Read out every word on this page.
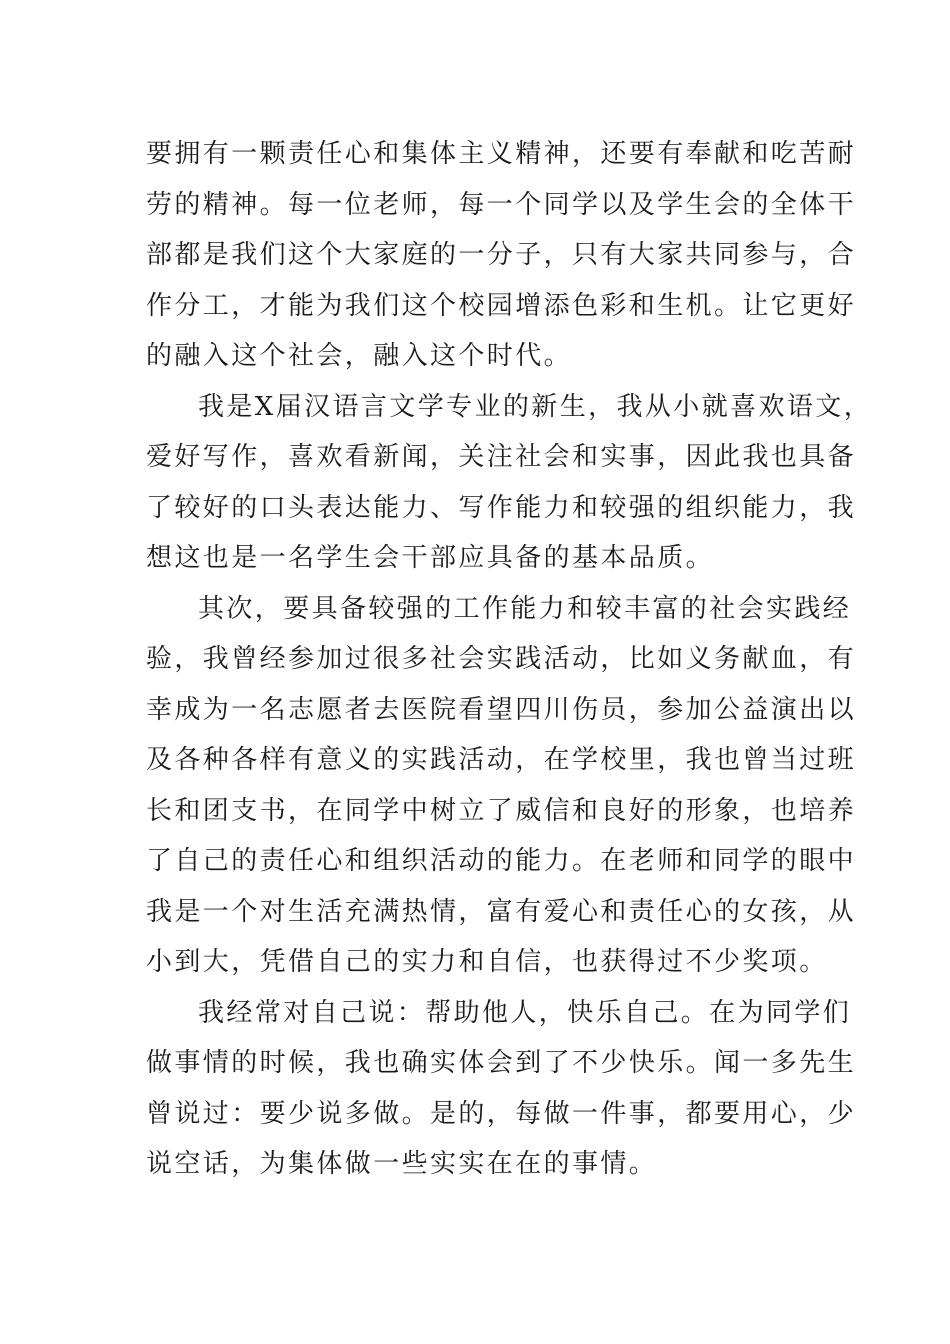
要拥有一颗责任心和集体主义精神，还要有奉献和吃苦耐
劳的精神。每一位老师，每一个同学以及学生会的全体干
部都是我们这个大家庭的一分子，只有大家共同参与，合
作分工，才能为我们这个校园增添色彩和生机。让它更好
的融入这个社会，融入这个时代。
我是X届汉语言文学专业的新生，我从小就喜欢语文，
爱好写作，喜欢看新闻，关注社会和实事，因此我也具备
了较好的口头表达能力、写作能力和较强的组织能力，我
想这也是一名学生会干部应具备的基本品质。
其次，要具备较强的工作能力和较丰富的社会实践经
验，我曾经参加过很多社会实践活动，比如义务献血，有
幸成为一名志愿者去医院看望四川伤员，参加公益演出以
及各种各样有意义的实践活动，在学校里，我也曾当过班
长和团支书，在同学中树立了威信和良好的形象，也培养
了自己的责任心和组织活动的能力。在老师和同学的眼中
我是一个对生活充满热情，富有爱心和责任心的女孩，从
小到大，凭借自己的实力和自信，也获得过不少奖项。
我经常对自己说：帮助他人，快乐自己。在为同学们
做事情的时候，我也确实体会到了不少快乐。闻一多先生
曾说过：要少说多做。是的，每做一件事，都要用心，少
说空话，为集体做一些实实在在的事情。
